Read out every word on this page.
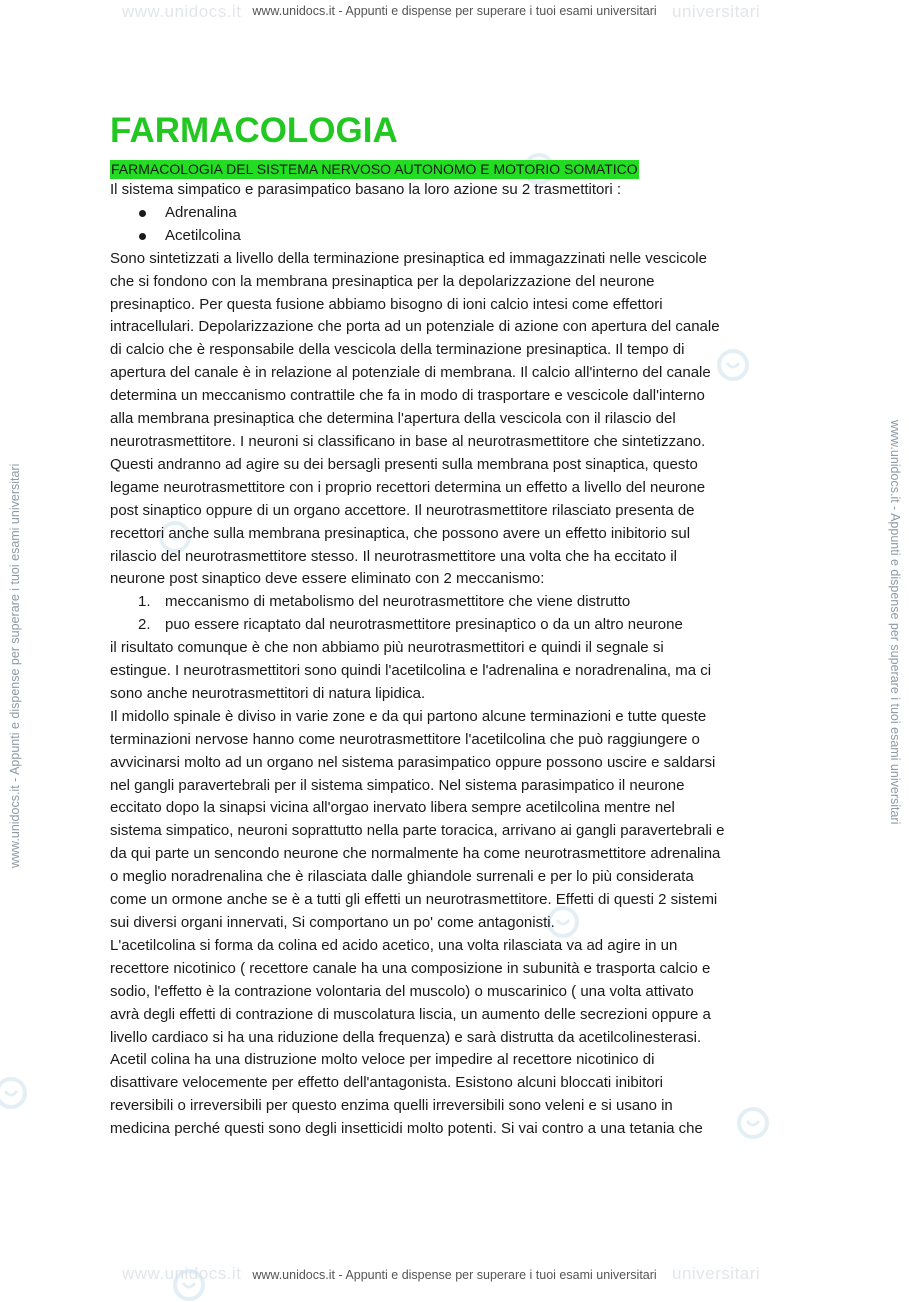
www.unidocs.it	universitari
www.unidocs.it	universitari
www.unidocs.it - Appunti e dispense per superare i tuoi esami universitari
www.unidocs.it - Appunti e dispense per superare i tuoi esami universitari
www.unidocs.it - Appunti e dispense per superare i tuoi esami universitari	www.unidocs.it - Appunti e dispense per superare i tuoi esami universitari
FARMACOLOGIA
FARMACOLOGIA DEL SISTEMA NERVOSO AUTONOMO E MOTORIO SOMATICO

Il sistema simpatico e parasimpatico basano la loro azione su 2 trasmettitori :

Adrenalina
Acetilcolina

Sono sintetizzati a livello della terminazione presinaptica ed immagazzinati nelle vescicole
che si fondono con la membrana presinaptica per la depolarizzazione del neurone
presinaptico. Per questa fusione abbiamo bisogno di ioni calcio intesi come effettori
intracellulari. Depolarizzazione che porta ad un potenziale di azione con apertura del canale
di calcio che è responsabile della vescicola della terminazione presinaptica. Il tempo di
apertura del canale è in relazione al potenziale di membrana. Il calcio all'interno del canale
determina un meccanismo contrattile che fa in modo di trasportare e vescicole dall'interno
alla membrana presinaptica che determina l'apertura della vescicola con il rilascio del
neurotrasmettitore. I neuroni si classificano in base al neurotrasmettitore che sintetizzano.
Questi andranno ad agire su dei bersagli presenti sulla membrana post sinaptica, questo
legame neurotrasmettitore con i proprio recettori determina un effetto a livello del neurone
post sinaptico oppure di un organo accettore. Il neurotrasmettitore rilasciato presenta de
recettori anche sulla membrana presinaptica, che possono avere un effetto inibitorio sul
rilascio del neurotrasmettitore stesso. Il neurotrasmettitore una volta che ha eccitato il
neurone post sinaptico deve essere eliminato con 2 meccanismo:

1. meccanismo di metabolismo del neurotrasmettitore che viene distrutto
2. puo essere ricaptato dal neurotrasmettitore presinaptico o da un altro neurone

il risultato comunque è che non abbiamo più neurotrasmettitori e quindi il segnale si
estingue. I neurotrasmettitori sono quindi l'acetilcolina e l'adrenalina e noradrenalina, ma ci
sono anche neurotrasmettitori di natura lipidica.
Il midollo spinale è diviso in varie zone e da qui partono alcune terminazioni e tutte queste
terminazioni nervose hanno come neurotrasmettitore l'acetilcolina che può raggiungere o
avvicinarsi molto ad un organo nel sistema parasimpatico oppure possono uscire e saldarsi
nel gangli paravertebrali per il sistema simpatico. Nel sistema parasimpatico il neurone
eccitato dopo la sinapsi vicina all'orgao inervato libera sempre acetilcolina mentre nel
sistema simpatico, neuroni soprattutto nella parte toracica, arrivano ai gangli paravertebrali e
da qui parte un sencondo neurone che normalmente ha come neurotrasmettitore adrenalina
o meglio noradrenalina che è rilasciata dalle ghiandole surrenali e per lo più considerata
come un ormone anche se è a tutti gli effetti un neurotrasmettitore. Effetti di questi 2 sistemi
sui diversi organi innervati, Si comportano un po' come antagonisti.
L'acetilcolina si forma da colina ed acido acetico, una volta rilasciata va ad agire in un
recettore nicotinico ( recettore canale ha una composizione in subunità e trasporta calcio e
sodio, l'effetto è la contrazione volontaria del muscolo) o muscarinico ( una volta attivato
avrà degli effetti di contrazione di muscolatura liscia, un aumento delle secrezioni oppure a
livello cardiaco si ha una riduzione della frequenza) e sarà distrutta da acetilcolinesterasi.
Acetil colina ha una distruzione molto veloce per impedire al recettore nicotinico di
disattivare velocemente per effetto dell'antagonista. Esistono alcuni bloccati inibitori
reversibili o irreversibili per questo enzima quelli irreversibili sono veleni e si usano in
medicina perché questi sono degli insetticidi molto potenti. Si vai contro a una tetania che
